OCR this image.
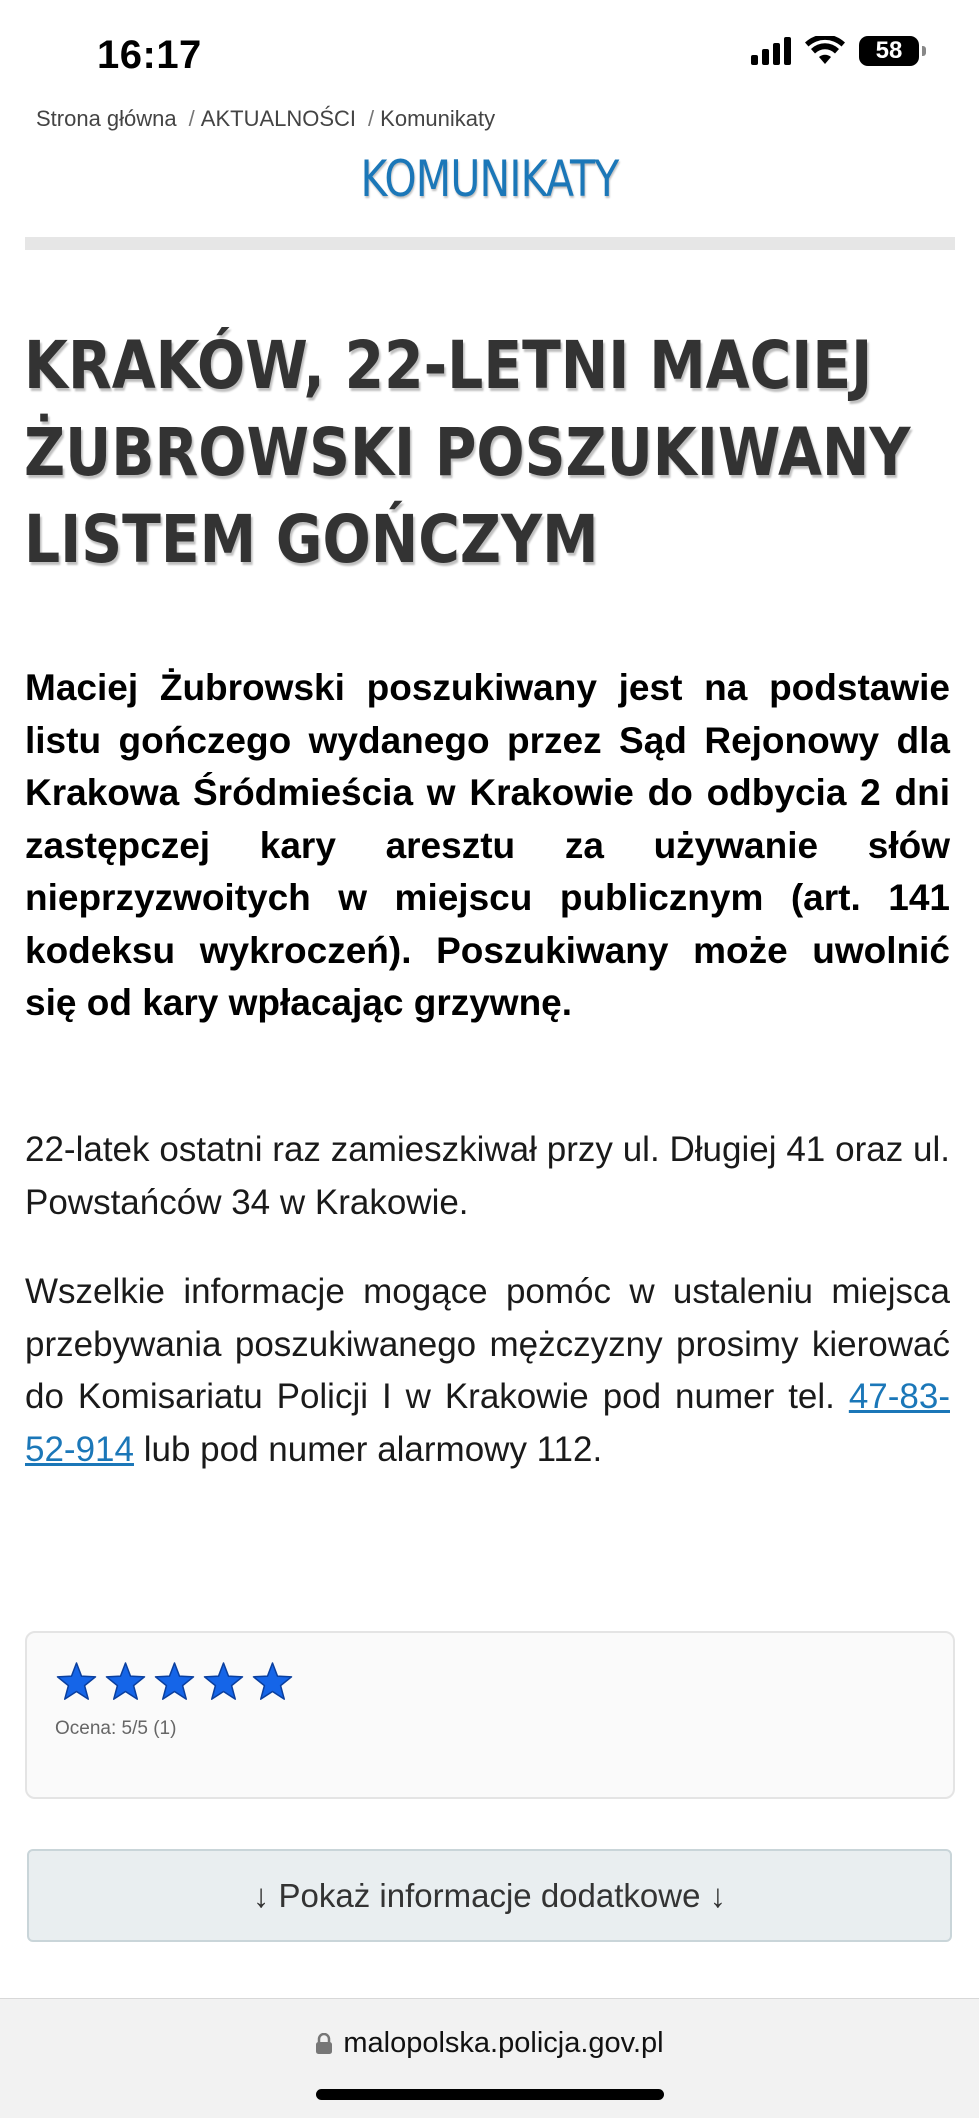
16:17	58
Strona główna / AKTUALNOŚCI / Komunikaty
KOMUNIKATY
KRAKÓW, 22-LETNI MACIEJ ŻUBROWSKI POSZUKIWANY LISTEM GOŃCZYM

Maciej Żubrowski poszukiwany jest na podstawie listu gończego wydanego przez Sąd Rejonowy dla Krakowa Śródmieścia w Krakowie do odbycia 2 dni zastępczej kary aresztu za używanie słów nieprzyzwoitych w miejscu publicznym (art. 141 kodeksu wykroczeń). Poszukiwany może uwolnić się od kary wpłacając grzywnę.

22-latek ostatni raz zamieszkiwał przy ul. Długiej 41 oraz ul. Powstańców 34 w Krakowie.

Wszelkie informacje mogące pomóc w ustaleniu miejsca przebywania poszukiwanego mężczyzny prosimy kierować do Komisariatu Policji I w Krakowie pod numer tel. 47-83-52-914 lub pod numer alarmowy 112.

Ocena: 5/5 (1)
↓ Pokaż informacje dodatkowe ↓
malopolska.policja.gov.pl
